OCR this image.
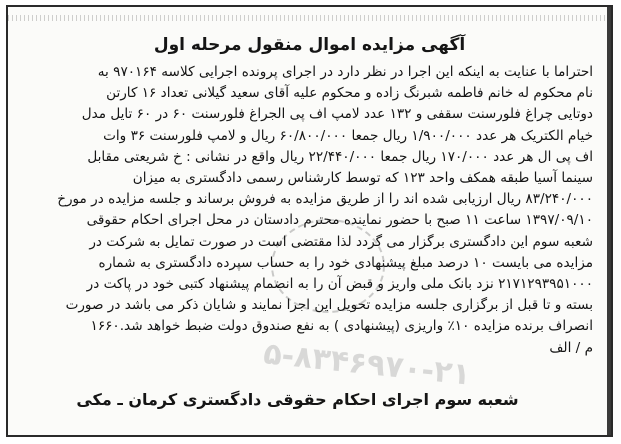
آگهی مزایده اموال منقول مرحله اول
احتراما با عنایت به اینکه این اجرا در نظر دارد در اجرای پرونده اجرایی کلاسه ۹۷۰۱۶۴ به
نام محکوم له خانم فاطمه شبرنگ زاده و محکوم علیه آقای سعید گیلانی تعداد ۱۶ کارتن
دوتایی چراغ فلورسنت سقفی و ۱۳۲ عدد لامپ اف پی الجراغ فلورسنت ۶۰ در ۶۰ تایل مدل
خیام الکتریک هر عدد ۱/۹۰۰/۰۰۰ ریال جمعا ۶۰/۸۰۰/۰۰۰ ریال و لامپ فلورسنت ۳۶ وات
اف پی ال هر عدد ۱۷۰/۰۰۰ ریال جمعا ۲۲/۴۴۰/۰۰۰ ریال واقع در نشانی : خ شریعتی مقابل
سینما آسیا طبقه همکف واحد ۱۲۳ که توسط کارشناس رسمی دادگستری به میزان
۸۳/۲۴۰/۰۰۰ ریال ارزیابی شده اند را از طریق مزایده به فروش برساند و جلسه مزایده در مورخ
۱۳۹۷/۰۹/۱۰ ساعت ۱۱ صبح با حضور نماینده محترم دادستان در محل اجرای احکام حقوقی
شعبه سوم این دادگستری برگزار می گردد لذا مقتضی است در صورت تمایل به شرکت در
مزایده می بایست ۱۰ درصد مبلغ پیشنهادی خود را به حساب سپرده دادگستری به شماره
۲۱۷۱۲۹۳۹۵۱۰۰۰ نزد بانک ملی واریز و قبض آن را به انضمام پیشنهاد کتبی خود در پاکت در
بسته و تا قبل از برگزاری جلسه مزایده تحویل این اجرا نمایند و شایان ذکر می باشد در صورت
انصراف برنده مزایده ۱۰٪ واریزی (پیشنهادی ) به نفع صندوق دولت ضبط خواهد شد.۱۶۶۰
م / الف
۵-۸۳۴۶۹۷۰-۲۱
شعبه سوم اجرای احکام حقوقی دادگستری کرمان ـ مکی
